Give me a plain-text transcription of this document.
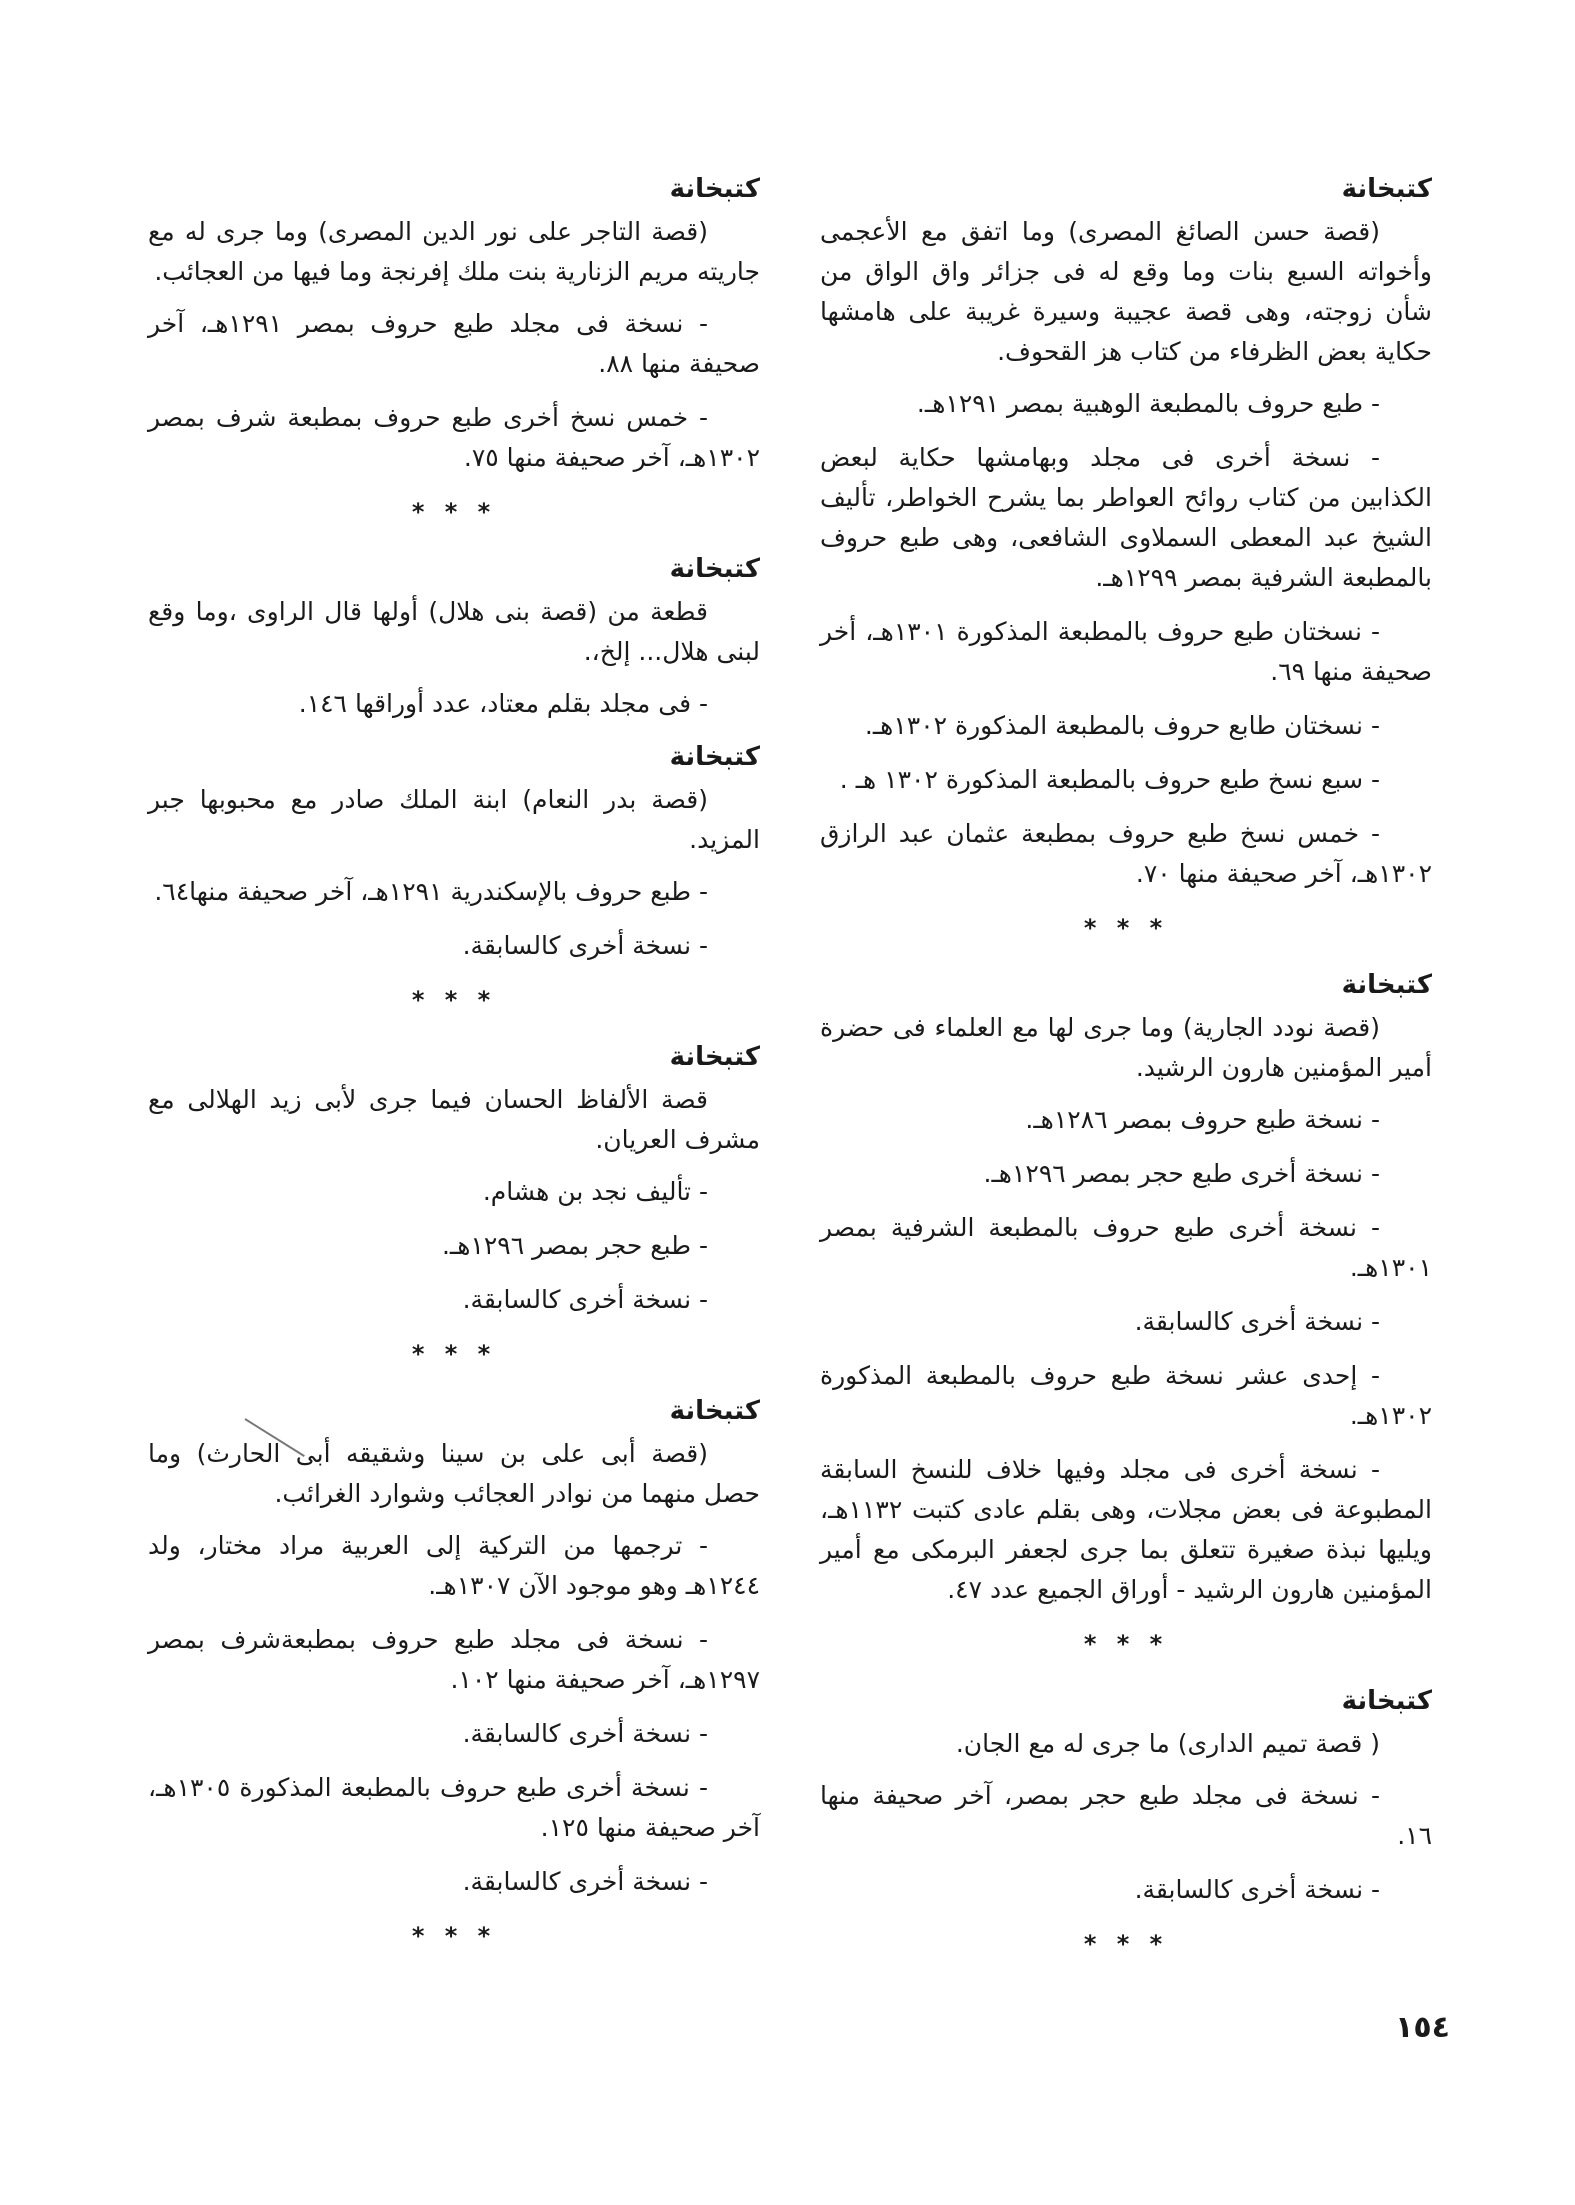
كتبخانة

(قصة حسن الصائغ المصرى) وما اتفق مع الأعجمى وأخواته السبع بنات وما وقع له فى جزائر واق الواق من شأن زوجته، وهى قصة عجيبة وسيرة غريبة على هامشها حكاية بعض الظرفاء من كتاب هز القحوف.

- طبع حروف بالمطبعة الوهبية بمصر ١٢٩١هـ.

- نسخة أخرى فى مجلد وبهامشها حكاية لبعض الكذابين من كتاب روائح العواطر بما يشرح الخواطر، تأليف الشيخ عبد المعطى السملاوى الشافعى، وهى طبع حروف بالمطبعة الشرفية بمصر ١٢٩٩هـ.

- نسختان طبع حروف بالمطبعة المذكورة ١٣٠١هـ، أخر صحيفة منها ٦٩.

- نسختان طابع حروف بالمطبعة المذكورة ١٣٠٢هـ.

- سبع نسخ طبع حروف بالمطبعة المذكورة ١٣٠٢ هـ .

- خمس نسخ طبع حروف بمطبعة عثمان عبد الرازق ١٣٠٢هـ، آخر صحيفة منها ٧٠.

* * *
كتبخانة

(قصة نودد الجارية) وما جرى لها مع العلماء فى حضرة أمير المؤمنين هارون الرشيد.

- نسخة طبع حروف بمصر ١٢٨٦هـ.

- نسخة أخرى طبع حجر بمصر ١٢٩٦هـ.

- نسخة أخرى طبع حروف بالمطبعة الشرفية بمصر ١٣٠١هـ.

- نسخة أخرى كالسابقة.

- إحدى عشر نسخة طبع حروف بالمطبعة المذكورة ١٣٠٢هـ.

- نسخة أخرى فى مجلد وفيها خلاف للنسخ السابقة المطبوعة فى بعض مجلات، وهى بقلم عادى كتبت ١١٣٢هـ، ويليها نبذة صغيرة تتعلق بما جرى لجعفر البرمكى مع أمير المؤمنين هارون الرشيد - أوراق الجميع عدد ٤٧.

* * *
كتبخانة

( قصة تميم الدارى) ما جرى له مع الجان.

- نسخة فى مجلد طبع حجر بمصر، آخر صحيفة منها ١٦.

- نسخة أخرى كالسابقة.

* * *
كتبخانة

(قصة التاجر على نور الدين المصرى) وما جرى له مع جاريته مريم الزنارية بنت ملك إفرنجة وما فيها من العجائب.

- نسخة فى مجلد طبع حروف بمصر ١٢٩١هـ، آخر صحيفة منها ٨٨.

- خمس نسخ أخرى طبع حروف بمطبعة شرف بمصر ١٣٠٢هـ، آخر صحيفة منها ٧٥.

* * *
كتبخانة

قطعة من (قصة بنى هلال) أولها قال الراوى ،وما وقع لبنى هلال... إلخ،.

- فى مجلد بقلم معتاد، عدد أوراقها ١٤٦.

كتبخانة

(قصة بدر النعام) ابنة الملك صادر مع محبوبها جبر المزيد.

- طبع حروف بالإسكندرية ١٢٩١هـ، آخر صحيفة منها٦٤.

- نسخة أخرى كالسابقة.

* * *
كتبخانة

قصة الألفاظ الحسان فيما جرى لأبى زيد الهلالى مع مشرف العريان.

- تأليف نجد بن هشام.

- طبع حجر بمصر ١٢٩٦هـ.

- نسخة أخرى كالسابقة.

* * *
كتبخانة

(قصة أبى على بن سينا وشقيقه أبى الحارث) وما حصل منهما من نوادر العجائب وشوارد الغرائب.

- ترجمها من التركية إلى العربية مراد مختار، ولد ١٢٤٤هـ وهو موجود الآن ١٣٠٧هـ.

- نسخة فى مجلد طبع حروف بمطبعةشرف بمصر ١٢٩٧هـ، آخر صحيفة منها ١٠٢.

- نسخة أخرى كالسابقة.

- نسخة أخرى طبع حروف بالمطبعة المذكورة ١٣٠٥هـ، آخر صحيفة منها ١٢٥.

- نسخة أخرى كالسابقة.

* * *
١٥٤
